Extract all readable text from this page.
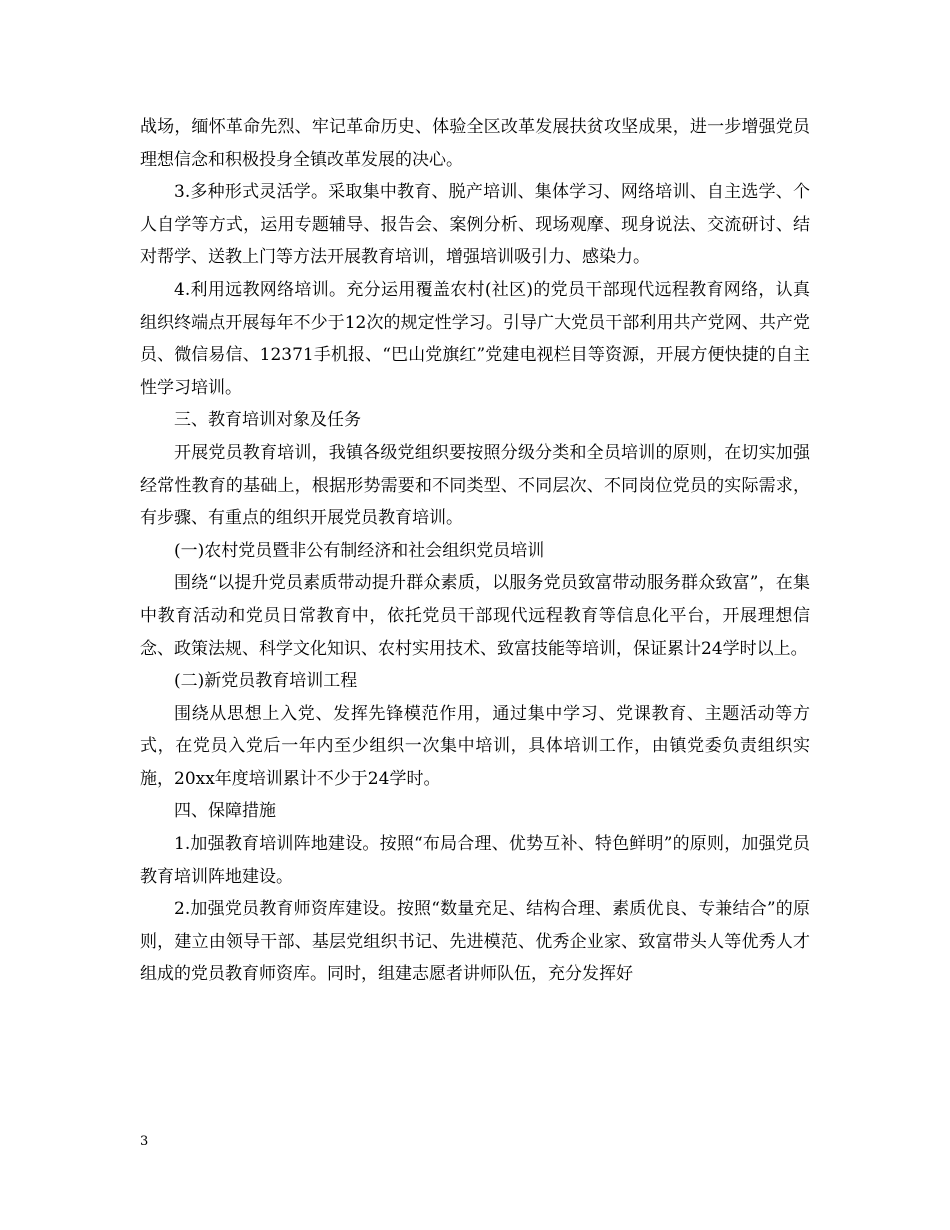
战场，缅怀革命先烈、牢记革命历史、体验全区改革发展扶贫攻坚成果，进一步增强党员理想信念和积极投身全镇改革发展的决心。

3.多种形式灵活学。采取集中教育、脱产培训、集体学习、网络培训、自主选学、个人自学等方式，运用专题辅导、报告会、案例分析、现场观摩、现身说法、交流研讨、结对帮学、送教上门等方法开展教育培训，增强培训吸引力、感染力。

4.利用远教网络培训。充分运用覆盖农村(社区)的党员干部现代远程教育网络，认真组织终端点开展每年不少于12次的规定性学习。引导广大党员干部利用共产党网、共产党员、微信易信、12371手机报、“巴山党旗红”党建电视栏目等资源，开展方便快捷的自主性学习培训。

三、教育培训对象及任务

开展党员教育培训，我镇各级党组织要按照分级分类和全员培训的原则，在切实加强经常性教育的基础上，根据形势需要和不同类型、不同层次、不同岗位党员的实际需求，有步骤、有重点的组织开展党员教育培训。

(一)农村党员暨非公有制经济和社会组织党员培训

围绕“以提升党员素质带动提升群众素质，以服务党员致富带动服务群众致富”，在集中教育活动和党员日常教育中，依托党员干部现代远程教育等信息化平台，开展理想信念、政策法规、科学文化知识、农村实用技术、致富技能等培训，保证累计24学时以上。

(二)新党员教育培训工程

围绕从思想上入党、发挥先锋模范作用，通过集中学习、党课教育、主题活动等方式，在党员入党后一年内至少组织一次集中培训，具体培训工作，由镇党委负责组织实施，20xx年度培训累计不少于24学时。

四、保障措施

1.加强教育培训阵地建设。按照“布局合理、优势互补、特色鲜明”的原则，加强党员教育培训阵地建设。

2.加强党员教育师资库建设。按照“数量充足、结构合理、素质优良、专兼结合”的原则，建立由领导干部、基层党组织书记、先进模范、优秀企业家、致富带头人等优秀人才组成的党员教育师资库。同时，组建志愿者讲师队伍，充分发挥好

3
